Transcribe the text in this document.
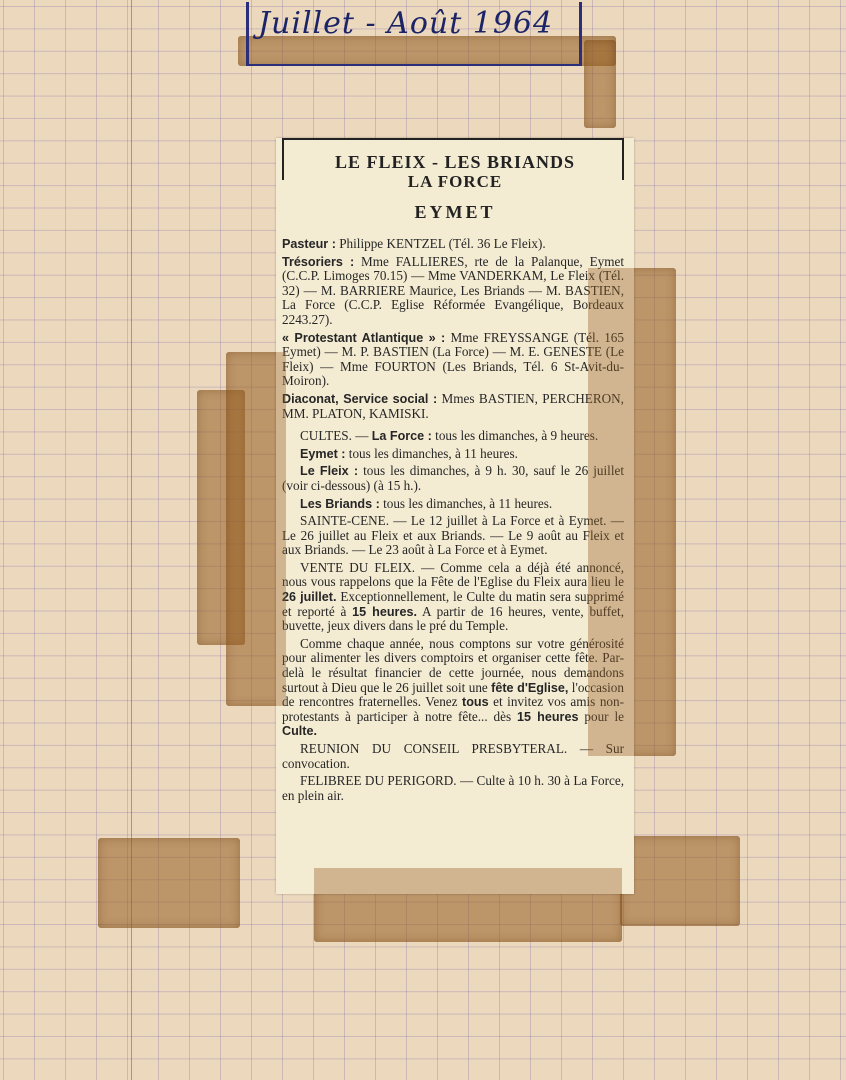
Juillet - Août 1964
LE FLEIX - LES BRIANDS
LA FORCE
EYMET

Pasteur : Philippe KENTZEL (Tél. 36 Le Fleix).

Trésoriers : Mme FALLIERES, rte de la Palanque, Eymet (C.C.P. Limoges 70.15) — Mme VANDERKAM, Le Fleix (Tél. 32) — M. BARRIERE Maurice, Les Briands — M. BASTIEN, La Force (C.C.P. Eglise Réformée Evangélique, Bordeaux 2243.27).

« Protestant Atlantique » : Mme FREYSSANGE (Tél. 165 Eymet) — M. P. BASTIEN (La Force) — M. E. GENESTE (Le Fleix) — Mme FOURTON (Les Briands, Tél. 6 St-Avit-du-Moiron).

Diaconat, Service social : Mmes BASTIEN, PERCHERON, MM. PLATON, KAMISKI.

CULTES. — La Force : tous les dimanches, à 9 heures.

Eymet : tous les dimanches, à 11 heures.

Le Fleix : tous les dimanches, à 9 h. 30, sauf le 26 juillet (voir ci-dessous) (à 15 h.).

Les Briands : tous les dimanches, à 11 heures.

SAINTE-CENE. — Le 12 juillet à La Force et à Eymet. — Le 26 juillet au Fleix et aux Briands. — Le 9 août au Fleix et aux Briands. — Le 23 août à La Force et à Eymet.

VENTE DU FLEIX. — Comme cela a déjà été annoncé, nous vous rappelons que la Fête de l'Eglise du Fleix aura lieu le 26 juillet. Exceptionnellement, le Culte du matin sera supprimé et reporté à 15 heures. A partir de 16 heures, vente, buffet, buvette, jeux divers dans le pré du Temple.

Comme chaque année, nous comptons sur votre générosité pour alimenter les divers comptoirs et organiser cette fête. Par-delà le résultat financier de cette journée, nous demandons surtout à Dieu que le 26 juillet soit une fête d'Eglise, l'occasion de rencontres fraternelles. Venez tous et invitez vos amis non-protestants à participer à notre fête... dès 15 heures pour le Culte.

REUNION DU CONSEIL PRESBYTERAL. — Sur convocation.

FELIBREE DU PERIGORD. — Culte à 10 h. 30 à La Force, en plein air.
